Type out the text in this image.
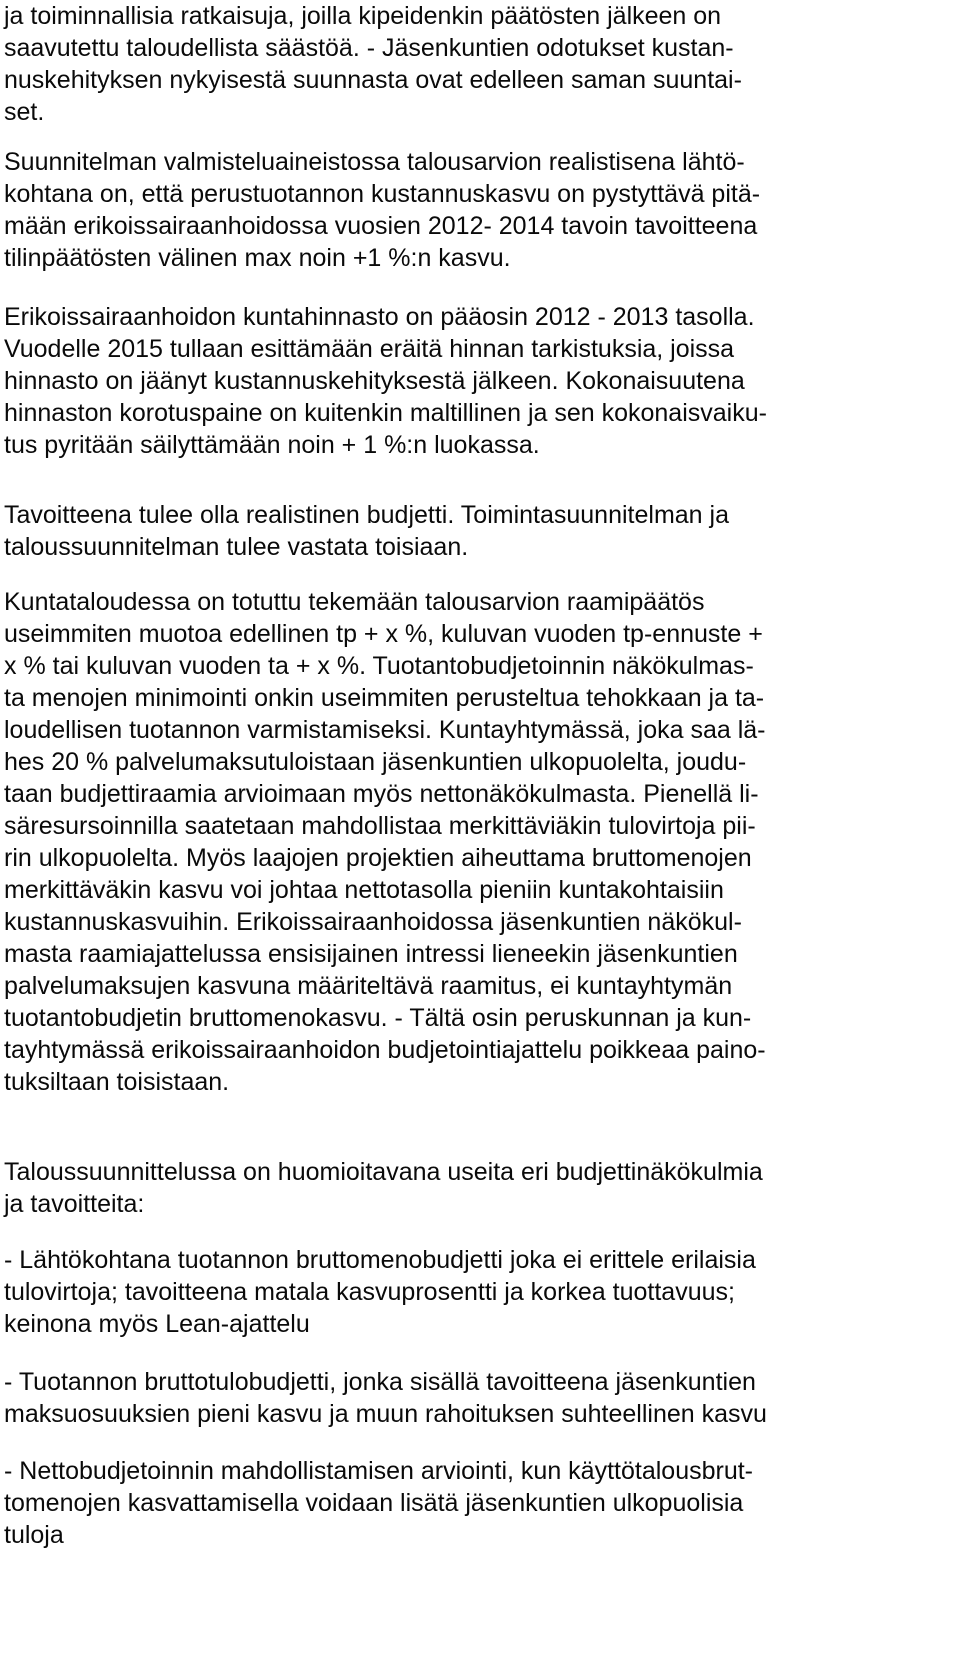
ja toiminnallisia ratkaisuja, joilla kipeidenkin päätösten jälkeen on
saavutettu taloudellista säästöä. - Jäsenkuntien odotukset kustan-
nuskehityksen nykyisestä suunnasta ovat edelleen saman suuntai-
set.
Suunnitelman valmisteluaineistossa talousarvion realistisena lähtö-
kohtana on, että perustuotannon kustannuskasvu on pystyttävä pitä-
mään erikoissairaanhoidossa vuosien 2012- 2014 tavoin tavoitteena
tilinpäätösten välinen max noin +1 %:n kasvu.
Erikoissairaanhoidon kuntahinnasto on pääosin 2012 - 2013 tasolla.
Vuodelle 2015 tullaan esittämään eräitä hinnan tarkistuksia, joissa
hinnasto on jäänyt kustannuskehityksestä jälkeen. Kokonaisuutena
hinnaston korotuspaine on kuitenkin maltillinen ja sen kokonaisvaiku-
tus pyritään säilyttämään noin + 1 %:n luokassa.
Tavoitteena tulee olla realistinen budjetti. Toimintasuunnitelman ja
taloussuunnitelman tulee vastata toisiaan.
Kuntataloudessa on totuttu tekemään talousarvion raamipäätös
useimmiten muotoa edellinen tp + x %, kuluvan vuoden tp-ennuste +
x % tai kuluvan vuoden ta + x %. Tuotantobudjetoinnin näkökulmas-
ta menojen minimointi onkin useimmiten perusteltua tehokkaan ja ta-
loudellisen tuotannon varmistamiseksi. Kuntayhtymässä, joka saa lä-
hes 20 % palvelumaksutuloistaan jäsenkuntien ulkopuolelta, joudu-
taan budjettiraamia arvioimaan myös nettonäkökulmasta. Pienellä li-
säresursoinnilla saatetaan mahdollistaa merkittäviäkin tulovirtoja pii-
rin ulkopuolelta. Myös laajojen projektien aiheuttama bruttomenojen
merkittäväkin kasvu voi johtaa nettotasolla pieniin kuntakohtaisiin
kustannuskasvuihin. Erikoissairaanhoidossa jäsenkuntien näkökul-
masta raamiajattelussa ensisijainen intressi lieneekin jäsenkuntien
palvelumaksujen kasvuna määriteltävä raamitus, ei kuntayhtymän
tuotantobudjetin bruttomenokasvu. - Tältä osin peruskunnan ja kun-
tayhtymässä erikoissairaanhoidon budjetointiajattelu poikkeaa paino-
tuksiltaan toisistaan.
Taloussuunnittelussa on huomioitavana useita eri budjettinäkökulmia
ja tavoitteita:
- Lähtökohtana tuotannon bruttomenobudjetti joka ei erittele erilaisia
tulovirtoja; tavoitteena matala kasvuprosentti ja korkea tuottavuus;
keinona myös Lean-ajattelu
- Tuotannon bruttotulobudjetti, jonka sisällä tavoitteena jäsenkuntien
maksuosuuksien pieni kasvu ja muun rahoituksen suhteellinen kasvu
- Nettobudjetoinnin mahdollistamisen arviointi, kun käyttötalousbrut-
tomenojen kasvattamisella voidaan lisätä jäsenkuntien ulkopuolisia
tuloja
